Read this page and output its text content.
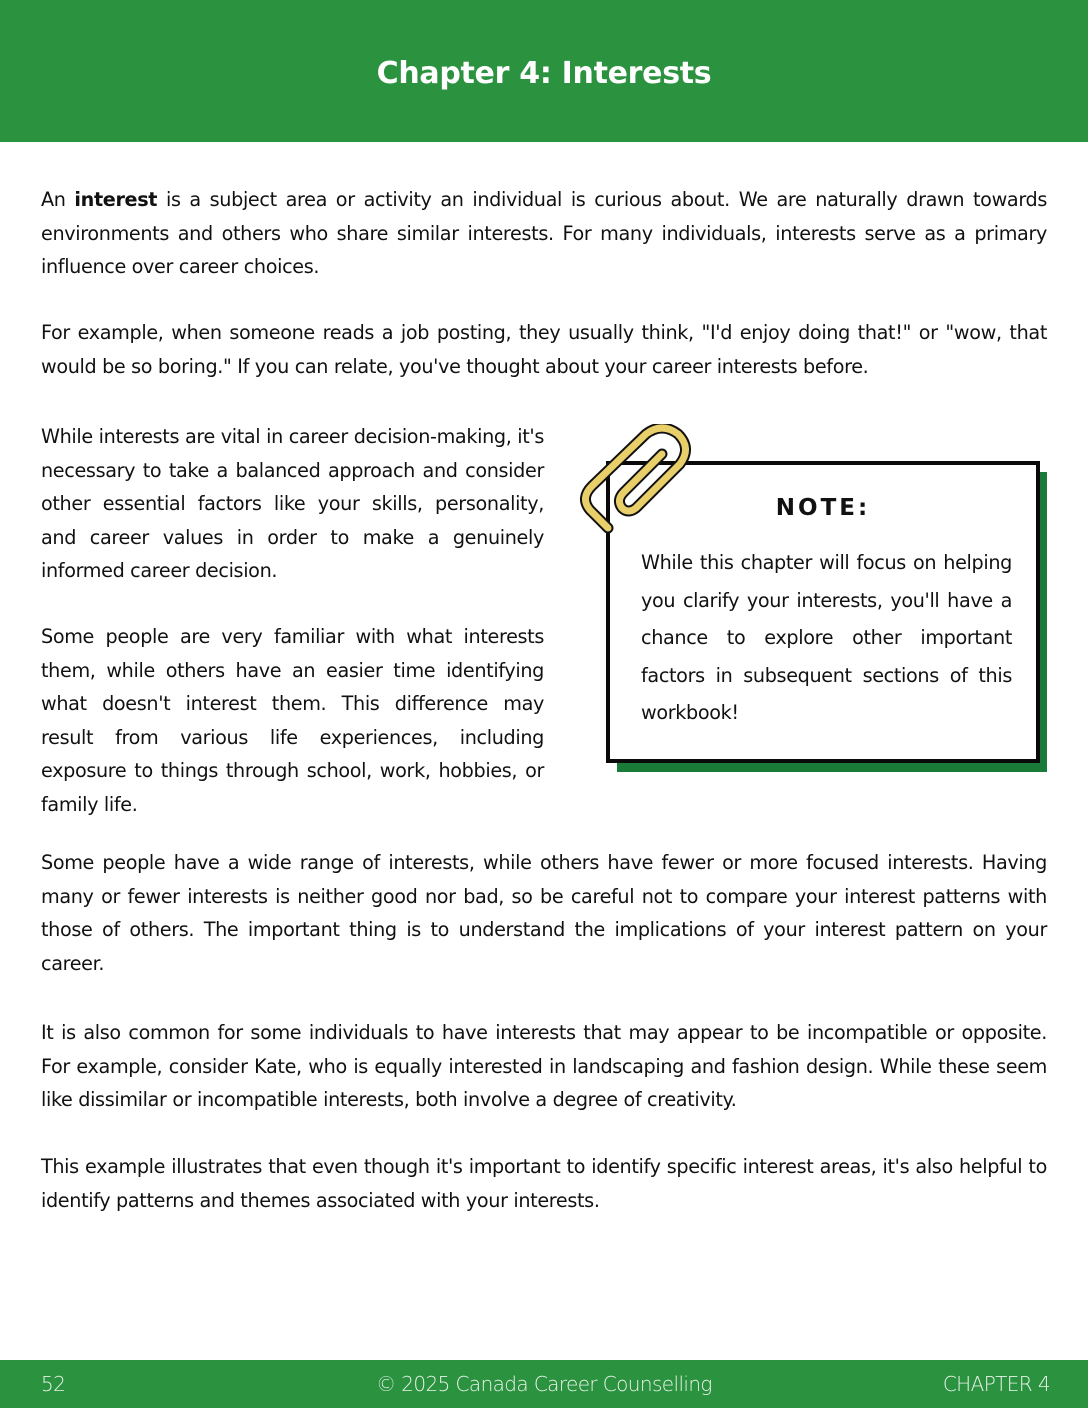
Chapter 4: Interests

An interest is a subject area or activity an individual is curious about. We are naturally drawn towards environments and others who share similar interests. For many individuals, interests serve as a primary influence over career choices.

For example, when someone reads a job posting, they usually think, "I'd enjoy doing that!" or "wow, that would be so boring." If you can relate, you've thought about your career interests before.

While interests are vital in career decision-making, it's necessary to take a balanced approach and consider other essential factors like your skills, personality, and career values in order to make a genuinely informed career decision.

Some people are very familiar with what interests them, while others have an easier time identifying what doesn't interest them. This difference may result from various life experiences, including exposure to things through school, work, hobbies, or family life.

NOTE:

While this chapter will focus on helping you clarify your interests, you'll have a chance to explore other important factors in subsequent sections of this workbook!

Some people have a wide range of interests, while others have fewer or more focused interests. Having many or fewer interests is neither good nor bad, so be careful not to compare your interest patterns with those of others. The important thing is to understand the implications of your interest pattern on your career.

It is also common for some individuals to have interests that may appear to be incompatible or opposite. For example, consider Kate, who is equally interested in landscaping and fashion design. While these seem like dissimilar or incompatible interests, both involve a degree of creativity.

This example illustrates that even though it's important to identify specific interest areas, it's also helpful to identify patterns and themes associated with your interests.

52	© 2025 Canada Career Counselling	CHAPTER 4
